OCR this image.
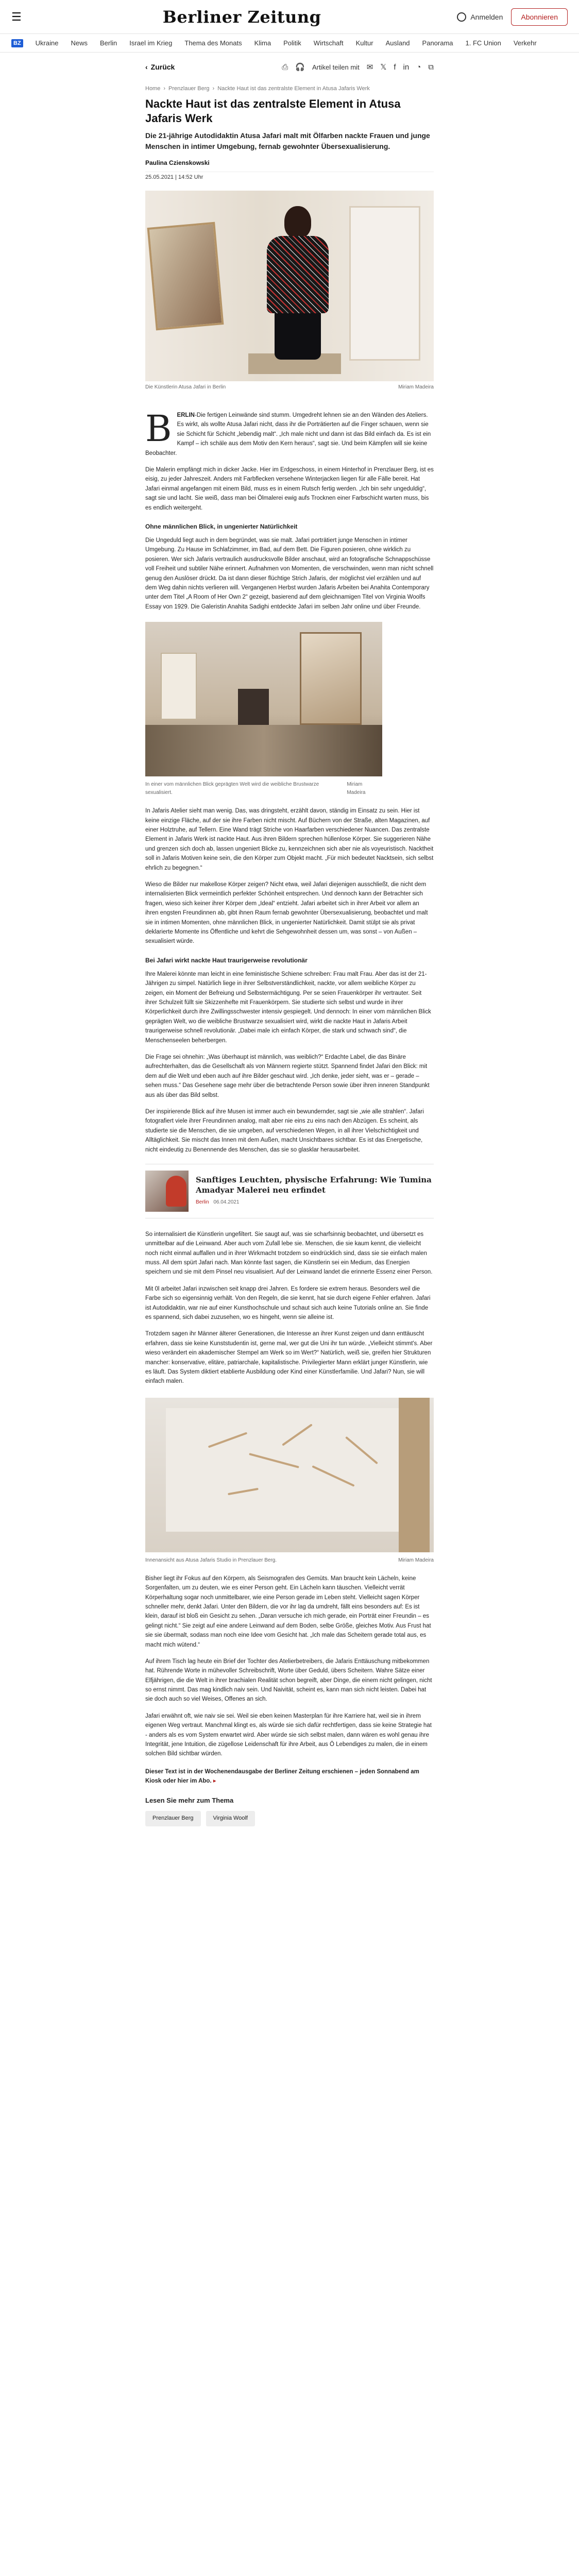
☰	Berliner Zeitung	Anmelden	Abonnieren
BZ	Ukraine News Berlin Israel im Krieg Thema des Monats Klima Politik Wirtschaft Kultur Ausland Panorama 1. FC Union Verkehr
‹ Zurück	⎙ 🎧 Artikel teilen mit ✉ 𝕏 f in ◔ ⧉
Home › Prenzlauer Berg › Nackte Haut ist das zentralste Element in Atusa Jafaris Werk
Nackte Haut ist das zentralste Element in Atusa Jafaris Werk

Die 21-jährige Autodidaktin Atusa Jafari malt mit Ölfarben nackte Frauen und junge Menschen in intimer Umgebung, fernab gewohnter Übersexualisierung.

Paulina Czienskowski
25.05.2021 | 14:52 Uhr
Die Künstlerin Atusa Jafari in Berlin	Miriam Madeira

BERLIN-Die fertigen Leinwände sind stumm. Umgedreht lehnen sie an den Wänden des Ateliers. Es wirkt, als wollte Atusa Jafari nicht, dass ihr die Porträtierten auf die Finger schauen, wenn sie sie Schicht für Schicht „lebendig malt“. „Ich male nicht und dann ist das Bild einfach da. Es ist ein Kampf – ich schäle aus dem Motiv den Kern heraus“, sagt sie. Und beim Kämpfen will sie keine Beobachter.

Die Malerin empfängt mich in dicker Jacke. Hier im Erdgeschoss, in einem Hinterhof in Prenzlauer Berg, ist es eisig, zu jeder Jahreszeit. Anders mit Farbflecken versehene Winterjacken liegen für alle Fälle bereit. Hat Jafari einmal angefangen mit einem Bild, muss es in einem Rutsch fertig werden. „Ich bin sehr ungeduldig“, sagt sie und lacht. Sie weiß, dass man bei Ölmalerei ewig aufs Trocknen einer Farbschicht warten muss, bis es endlich weitergeht.

Ohne männlichen Blick, in ungenierter Natürlichkeit

Die Ungeduld liegt auch in dem begründet, was sie malt. Jafari porträtiert junge Menschen in intimer Umgebung. Zu Hause im Schlafzimmer, im Bad, auf dem Bett. Die Figuren posieren, ohne wirklich zu posieren. Wer sich Jafaris vertraulich ausdrucksvolle Bilder anschaut, wird an fotografische Schnappschüsse voll Freiheit und subtiler Nähe erinnert. Aufnahmen von Momenten, die verschwinden, wenn man nicht schnell genug den Auslöser drückt. Da ist dann dieser flüchtige Strich Jafaris, der möglichst viel erzählen und auf dem Weg dahin nichts verlieren will. Vergangenen Herbst wurden Jafaris Arbeiten bei Anahita Contemporary unter dem Titel „A Room of Her Own 2“ gezeigt, basierend auf dem gleichnamigen Titel von Virginia Woolfs Essay von 1929. Die Galeristin Anahita Sadighi entdeckte Jafari im selben Jahr online und über Freunde.

In einer vom männlichen Blick geprägten Welt wird die weibliche Brustwarze sexualisiert.
Miriam Madeira

In Jafaris Atelier sieht man wenig. Das, was dringsteht, erzählt davon, ständig im Einsatz zu sein. Hier ist keine einzige Fläche, auf der sie ihre Farben nicht mischt. Auf Büchern von der Straße, alten Magazinen, auf einer Holztruhe, auf Tellern. Eine Wand trägt Striche von Haarfarben verschiedener Nuancen. Das zentralste Element in Jafaris Werk ist nackte Haut. Aus ihren Bildern sprechen hüllenlose Körper. Sie suggerieren Nähe und grenzen sich doch ab, lassen ungeniert Blicke zu, kennzeichnen sich aber nie als voyeuristisch. Nacktheit soll in Jafaris Motiven keine sein, die den Körper zum Objekt macht. „Für mich bedeutet Nacktsein, sich selbst ehrlich zu begegnen.“

Wieso die Bilder nur makellose Körper zeigen? Nicht etwa, weil Jafari diejenigen ausschließt, die nicht dem internalisierten Blick vermeintlich perfekter Schönheit entsprechen. Und dennoch kann der Betrachter sich fragen, wieso sich keiner ihrer Körper dem „Ideal“ entzieht. Jafari arbeitet sich in ihrer Arbeit vor allem an ihren engsten Freundinnen ab, gibt ihnen Raum fernab gewohnter Übersexualisierung, beobachtet und malt sie in intimen Momenten, ohne männlichen Blick, in ungenierter Natürlichkeit. Damit stülpt sie als privat deklarierte Momente ins Öffentliche und kehrt die Sehgewohnheit dessen um, was sonst – von Außen – sexualisiert würde.

Bei Jafari wirkt nackte Haut traurigerweise revolutionär

Ihre Malerei könnte man leicht in eine feministische Schiene schreiben: Frau malt Frau. Aber das ist der 21-Jährigen zu simpel. Natürlich liege in ihrer Selbstverständlichkeit, nackte, vor allem weibliche Körper zu zeigen, ein Moment der Befreiung und Selbstermächtigung. Per se seien Frauenkörper ihr vertrauter. Seit ihrer Schulzeit füllt sie Skizzenhefte mit Frauenkörpern. Sie studierte sich selbst und wurde in ihrer Körperlichkeit durch ihre Zwillingsschwester intensiv gespiegelt. Und dennoch: In einer vom männlichen Blick geprägten Welt, wo die weibliche Brustwarze sexualisiert wird, wirkt die nackte Haut in Jafaris Arbeit traurigerweise schnell revolutionär. „Dabei male ich einfach Körper, die stark und schwach sind“, die Menschenseelen beherbergen.

Die Frage sei ohnehin: „Was überhaupt ist männlich, was weiblich?“ Erdachte Label, die das Binäre aufrechterhalten, das die Gesellschaft als von Männern regierte stützt. Spannend findet Jafari den Blick: mit dem auf die Welt und eben auch auf ihre Bilder geschaut wird. „Ich denke, jeder sieht, was er – gerade – sehen muss.“ Das Gesehene sage mehr über die betrachtende Person sowie über ihren inneren Standpunkt aus als über das Bild selbst.

Der inspirierende Blick auf ihre Musen ist immer auch ein bewundernder, sagt sie „wie alle strahlen“. Jafari fotografiert viele ihrer Freundinnen analog, malt aber nie eins zu eins nach den Abzügen. Es scheint, als studierte sie die Menschen, die sie umgeben, auf verschiedenen Wegen, in all ihrer Vielschichtigkeit und Alltäglichkeit. Sie mischt das Innen mit dem Außen, macht Unsichtbares sichtbar. Es ist das Energetische, nicht eindeutig zu Benennende des Menschen, das sie so glasklar herausarbeitet.

Sanftiges Leuchten, physische Erfahrung: Wie Tumina Amadyar Malerei neu erfindet
Berlin 06.04.2021

So internalisiert die Künstlerin ungefiltert. Sie saugt auf, was sie scharfsinnig beobachtet, und übersetzt es unmittelbar auf die Leinwand. Aber auch vom Zufall lebe sie. Menschen, die sie kaum kennt, die vielleicht noch nicht einmal auffallen und in ihrer Wirkmacht trotzdem so eindrücklich sind, dass sie sie einfach malen muss. All dem spürt Jafari nach. Man könnte fast sagen, die Künstlerin sei ein Medium, das Energien speichern und sie mit dem Pinsel neu visualisiert. Auf der Leinwand landet die erinnerte Essenz einer Person.

Mit 0l arbeitet Jafari inzwischen seit knapp drei Jahren. Es fordere sie extrem heraus. Besonders weil die Farbe sich so eigensinnig verhält. Von den Regeln, die sie kennt, hat sie durch eigene Fehler erfahren. Jafari ist Autodidaktin, war nie auf einer Kunsthochschule und schaut sich auch keine Tutorials online an. Sie finde es spannend, sich dabei zuzusehen, wo es hingeht, wenn sie alleine ist.

Trotzdem sagen ihr Männer älterer Generationen, die Interesse an ihrer Kunst zeigen und dann enttäuscht erfahren, dass sie keine Kunststudentin ist, gerne mal, wer gut die Uni ihr tun würde. „Vielleicht stimmt's. Aber wieso verändert ein akademischer Stempel am Werk so im Wert?“ Natürlich, weiß sie, greifen hier Strukturen mancher: konservative, elitäre, patriarchale, kapitalistische. Privilegierter Mann erklärt junger Künstlerin, wie es läuft. Das System diktiert etablierte Ausbildung oder Kind einer Künstlerfamilie. Und Jafari? Nun, sie will einfach malen.

Innenansicht aus Atusa Jafaris Studio in Prenzlauer Berg.	Miriam Madeira

Bisher liegt ihr Fokus auf den Körpern, als Seismografen des Gemüts. Man braucht kein Lächeln, keine Sorgenfalten, um zu deuten, wie es einer Person geht. Ein Lächeln kann täuschen. Vielleicht verrät Körperhaltung sogar noch unmittelbarer, wie eine Person gerade im Leben steht. Vielleicht sagen Körper schneller mehr, denkt Jafari. Unter den Bildern, die vor ihr lag da umdreht, fällt eins besonders auf: Es ist klein, darauf ist bloß ein Gesicht zu sehen. „Daran versuche ich mich gerade, ein Porträt einer Freundin – es gelingt nicht.“ Sie zeigt auf eine andere Leinwand auf dem Boden, selbe Größe, gleiches Motiv. Aus Frust hat sie sie übermalt, sodass man noch eine Idee vom Gesicht hat. „Ich male das Scheitern gerade total aus, es macht mich wütend.“

Auf ihrem Tisch lag heute ein Brief der Tochter des Atelierbetreibers, die Jafaris Enttäuschung mitbekommen hat. Rührende Worte in mühevoller Schreibschrift, Worte über Geduld, übers Scheitern. Wahre Sätze einer Elfjährigen, die die Welt in ihrer brachialen Realität schon begreift, aber Dinge, die einem nicht gelingen, nicht so ernst nimmt. Das mag kindlich naiv sein. Und Naivität, scheint es, kann man sich nicht leisten. Dabei hat sie doch auch so viel Weises, Offenes an sich.

Jafari erwähnt oft, wie naiv sie sei. Weil sie eben keinen Masterplan für ihre Karriere hat, weil sie in ihrem eigenen Weg vertraut. Manchmal klingt es, als würde sie sich dafür rechtfertigen, dass sie keine Strategie hat - anders als es vom System erwartet wird. Aber würde sie sich selbst malen, dann wären es wohl genau ihre Integrität, jene Intuition, die zügellose Leidenschaft für ihre Arbeit, aus Ö Lebendiges zu malen, die in einem solchen Bild sichtbar würden.

Dieser Text ist in der Wochenendausgabe der Berliner Zeitung erschienen – jeden Sonnabend am Kiosk oder hier im Abo. ▸

Lesen Sie mehr zum Thema
Prenzlauer Berg	Virginia Woolf
